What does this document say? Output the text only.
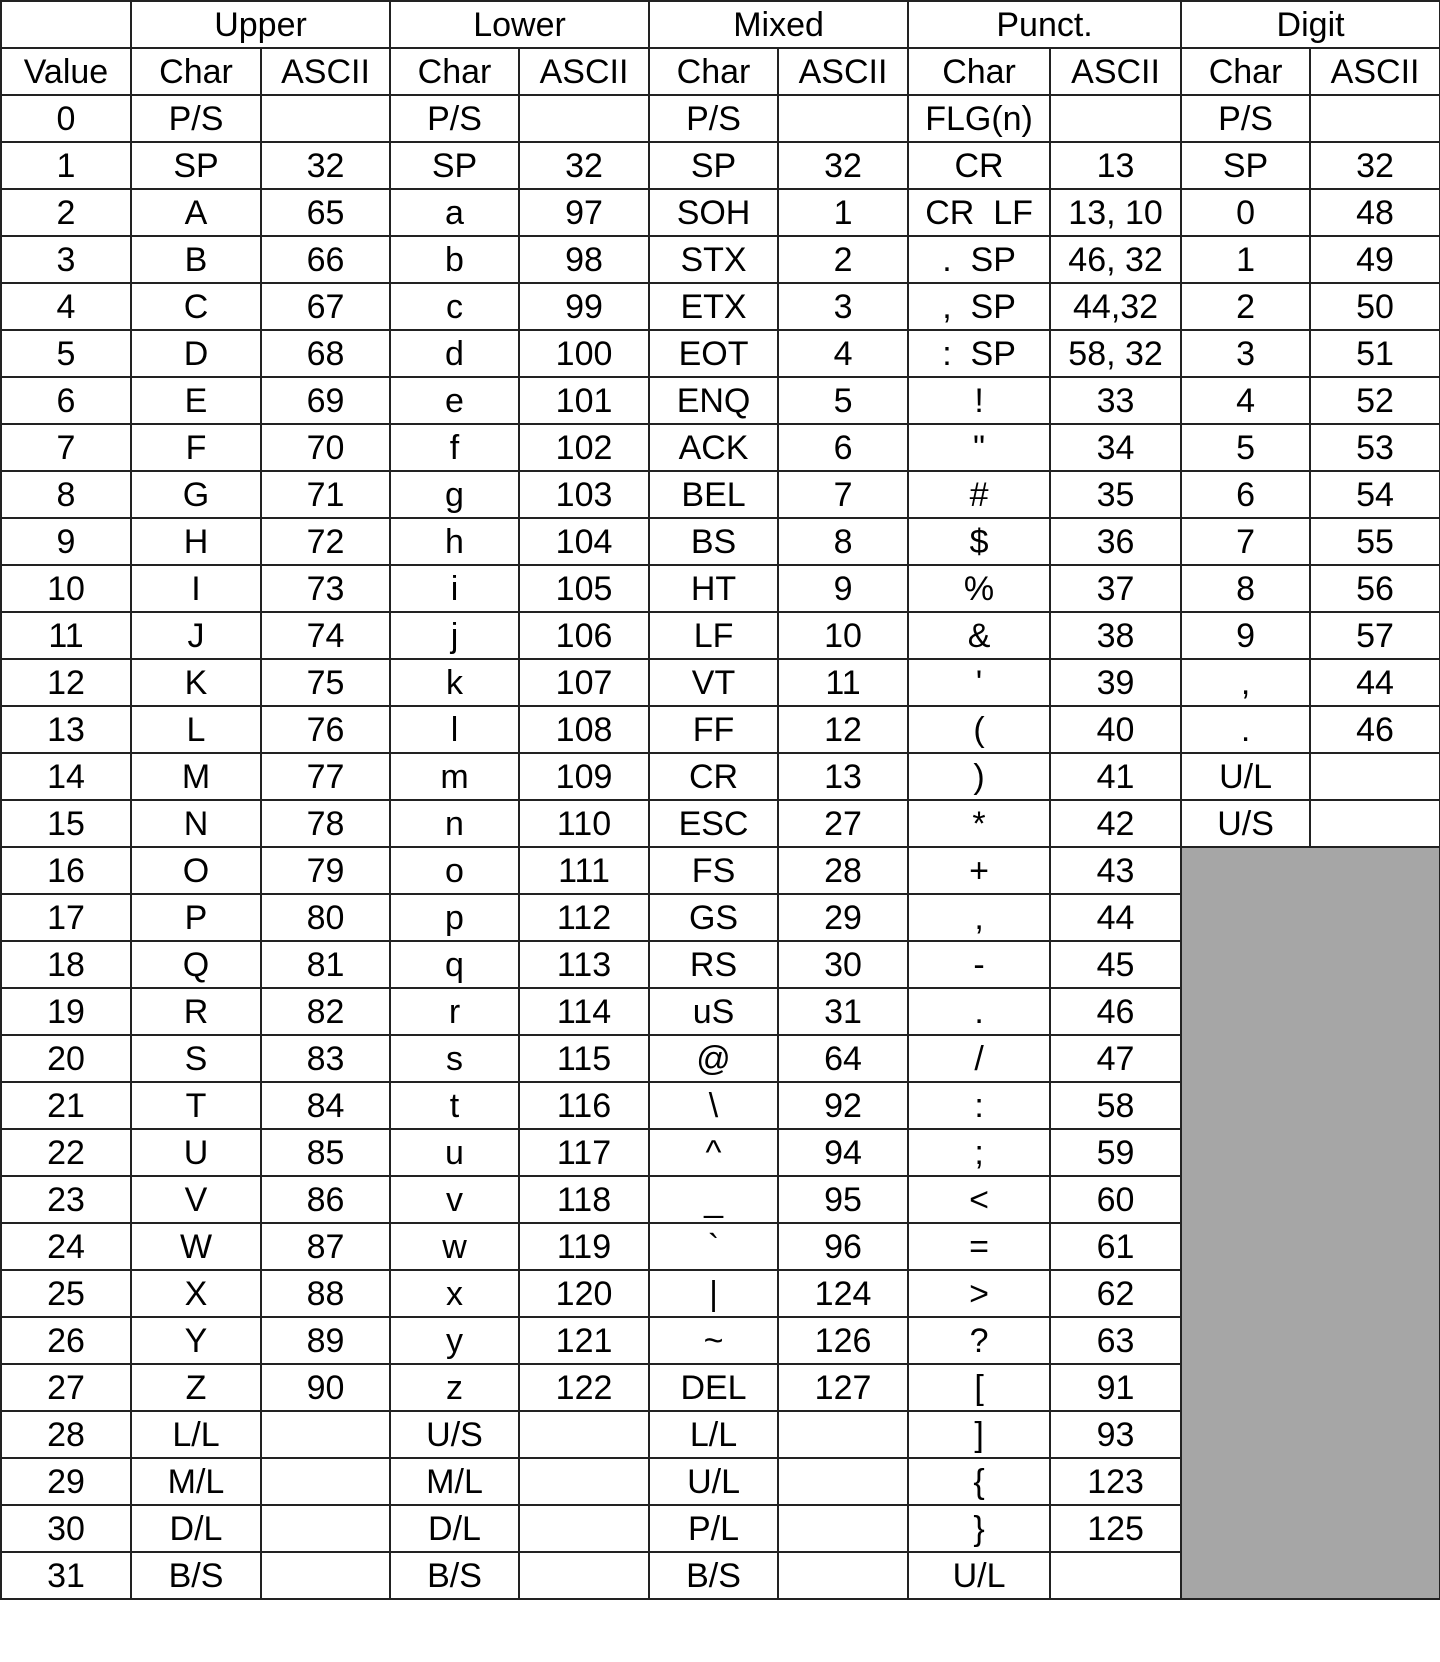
	Upper		Lower		Mixed		Punct.		Digit	
Value	Char	ASCII	Char	ASCII	Char	ASCII	Char	ASCII	Char	ASCII
0	P/S		P/S		P/S		FLG(n)		P/S	
1	SP	32	SP	32	SP	32	CR	13	SP	32
2	A	65	a	97	SOH	1	CR  LF	13, 10	0	48
3	B	66	b	98	STX	2	.  SP	46, 32	1	49
4	C	67	c	99	ETX	3	,  SP	44,32	2	50
5	D	68	d	100	EOT	4	:  SP	58, 32	3	51
6	E	69	e	101	ENQ	5	!	33	4	52
7	F	70	f	102	ACK	6	"	34	5	53
8	G	71	g	103	BEL	7	#	35	6	54
9	H	72	h	104	BS	8	$	36	7	55
10	I	73	i	105	HT	9	%	37	8	56
11	J	74	j	106	LF	10	&	38	9	57
12	K	75	k	107	VT	11	'	39	,	44
13	L	76	l	108	FF	12	(	40	.	46
14	M	77	m	109	CR	13	)	41	U/L	
15	N	78	n	110	ESC	27	*	42	U/S	
16	O	79	o	111	FS	28	+	43		
17	P	80	p	112	GS	29	,	44		
18	Q	81	q	113	RS	30	-	45		
19	R	82	r	114	uS	31	.	46		
20	S	83	s	115	@	64	/	47		
21	T	84	t	116	\	92	:	58		
22	U	85	u	117	^	94	;	59		
23	V	86	v	118	_	95	<	60		
24	W	87	w	119	`	96	=	61		
25	X	88	x	120	|	124	>	62		
26	Y	89	y	121	~	126	?	63		
27	Z	90	z	122	DEL	127	[	91		
28	L/L		U/S		L/L		]	93		
29	M/L		M/L		U/L		{	123		
30	D/L		D/L		P/L		}	125		
31	B/S		B/S		B/S		U/L			
